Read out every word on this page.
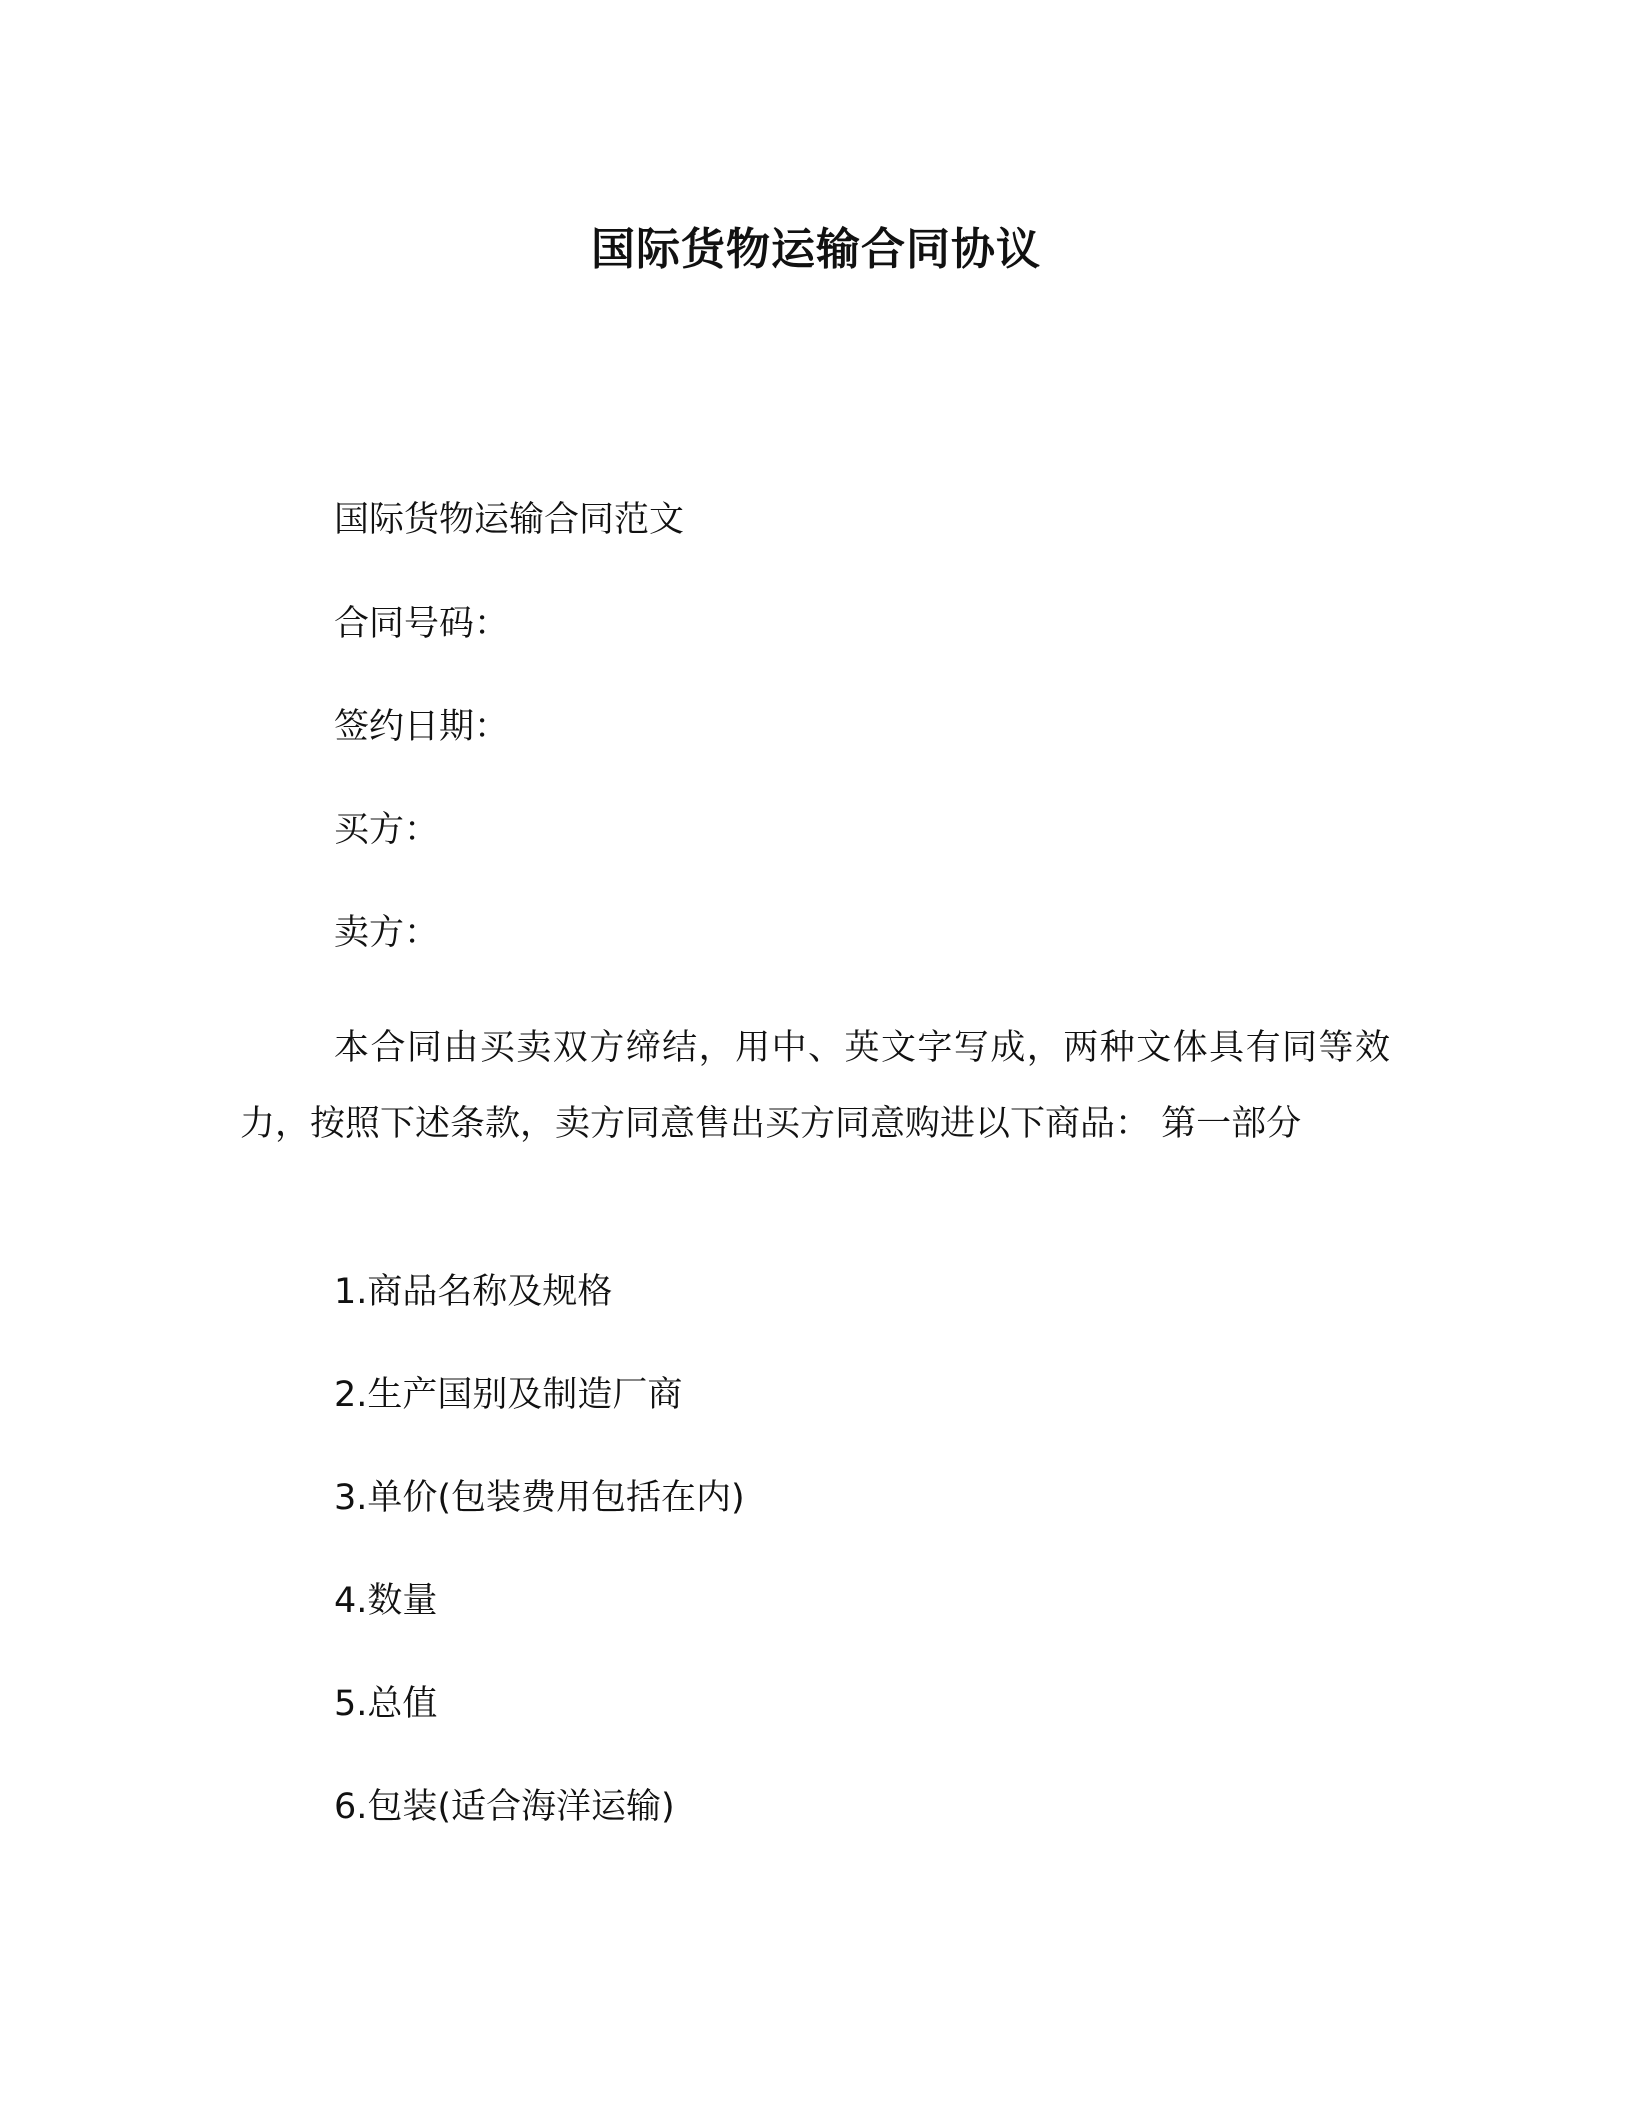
国际货物运输合同协议
国际货物运输合同范文
合同号码：
签约日期：
买方：
卖方：
本合同由买卖双方缔结，用中、英文字写成，两种文体具有同等效力，按照下述条款，卖方同意售出买方同意购进以下商品： 第一部分
1.商品名称及规格
2.生产国别及制造厂商
3.单价(包装费用包括在内)
4.数量
5.总值
6.包装(适合海洋运输)
